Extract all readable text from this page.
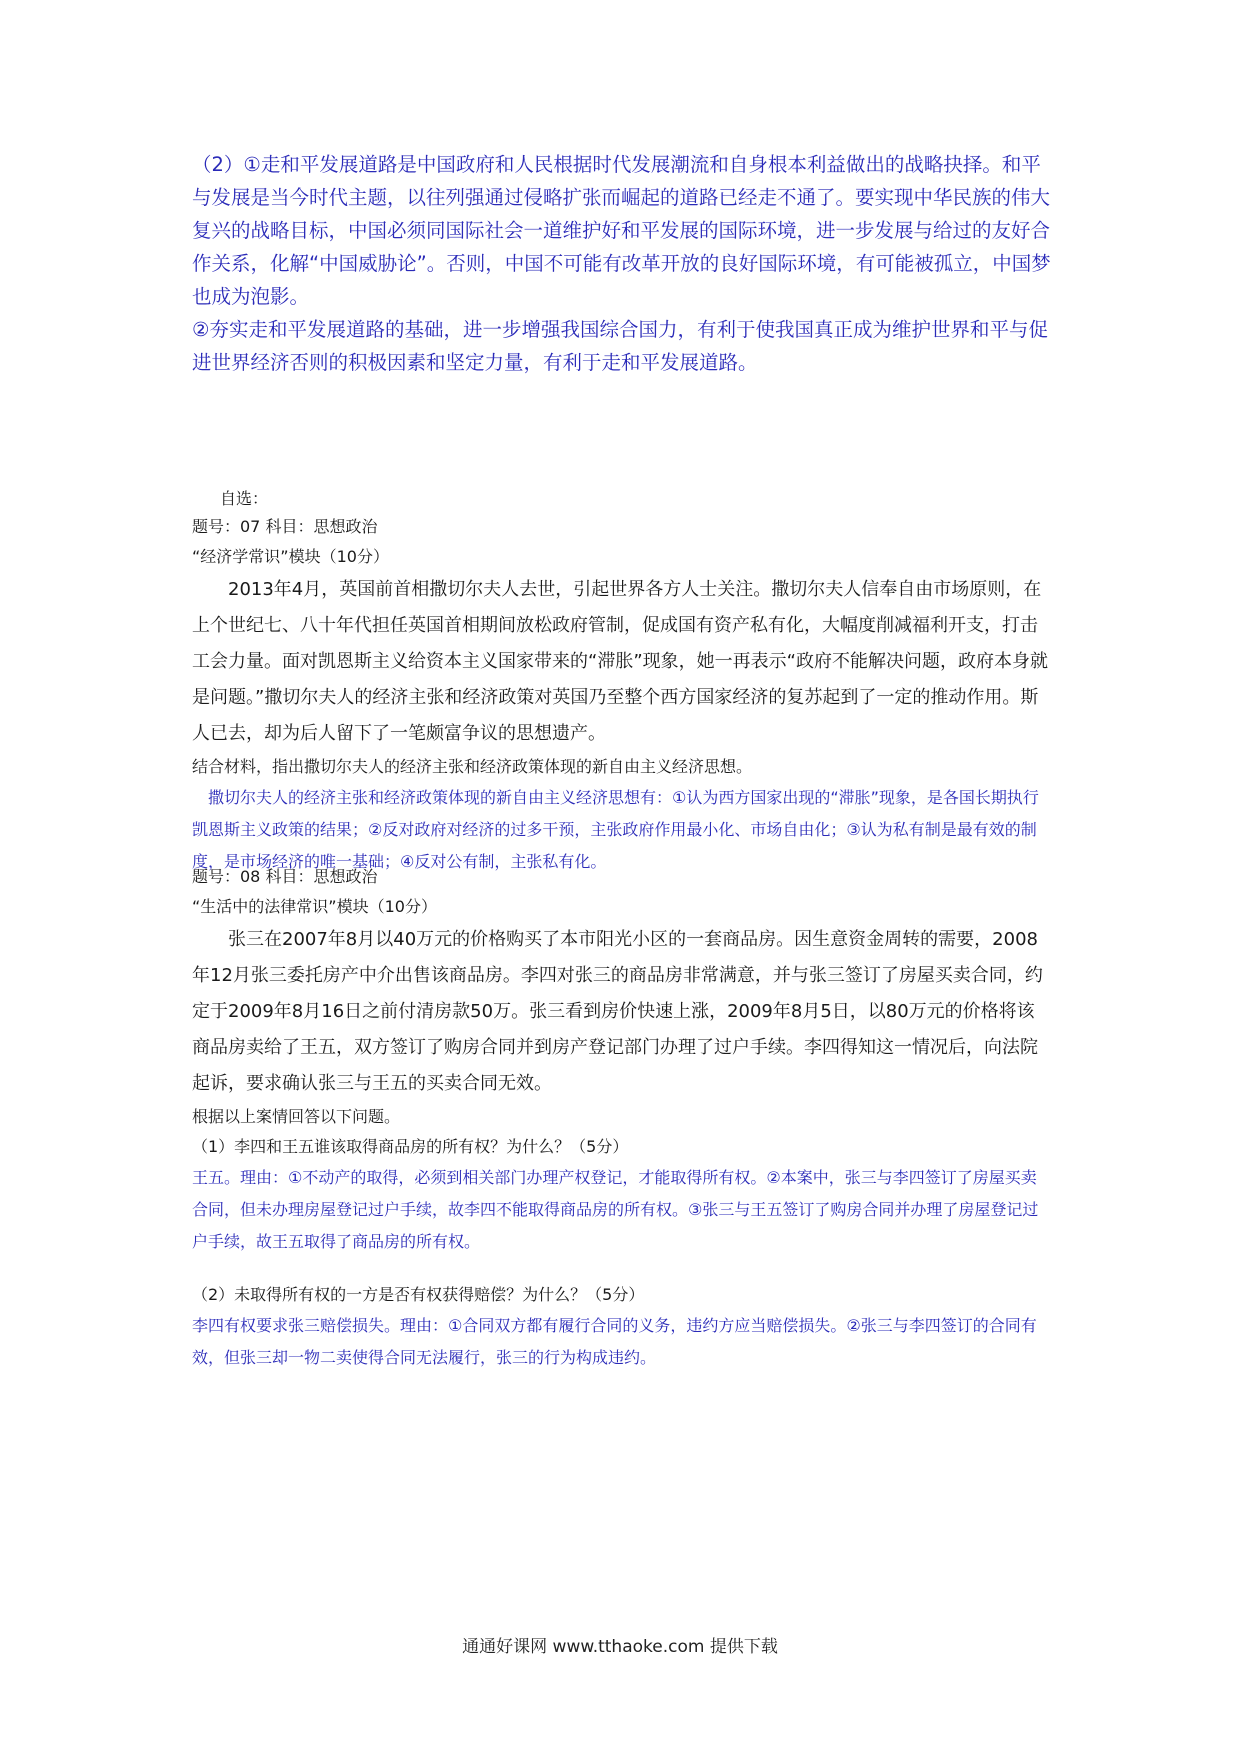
（2）①走和平发展道路是中国政府和人民根据时代发展潮流和自身根本利益做出的战略抉择。和平与发展是当今时代主题，以往列强通过侵略扩张而崛起的道路已经走不通了。要实现中华民族的伟大复兴的战略目标，中国必须同国际社会一道维护好和平发展的国际环境，进一步发展与给过的友好合作关系，化解“中国威胁论”。否则，中国不可能有改革开放的良好国际环境，有可能被孤立，中国梦也成为泡影。

②夯实走和平发展道路的基础，进一步增强我国综合国力，有利于使我国真正成为维护世界和平与促进世界经济否则的积极因素和坚定力量，有利于走和平发展道路。

自选：
题号：07 科目：思想政治
“经济学常识”模块（10分）

2013年4月，英国前首相撒切尔夫人去世，引起世界各方人士关注。撒切尔夫人信奉自由市场原则，在上个世纪七、八十年代担任英国首相期间放松政府管制，促成国有资产私有化，大幅度削减福利开支，打击工会力量。面对凯恩斯主义给资本主义国家带来的“滞胀”现象，她一再表示“政府不能解决问题，政府本身就是问题。”撒切尔夫人的经济主张和经济政策对英国乃至整个西方国家经济的复苏起到了一定的推动作用。斯人已去，却为后人留下了一笔颇富争议的思想遗产。

结合材料，指出撒切尔夫人的经济主张和经济政策体现的新自由主义经济思想。

撒切尔夫人的经济主张和经济政策体现的新自由主义经济思想有：①认为西方国家出现的“滞胀”现象，是各国长期执行凯恩斯主义政策的结果；②反对政府对经济的过多干预，主张政府作用最小化、市场自由化；③认为私有制是最有效的制度，是市场经济的唯一基础；④反对公有制，主张私有化。

题号：08 科目：思想政治
“生活中的法律常识”模块（10分）

张三在2007年8月以40万元的价格购买了本市阳光小区的一套商品房。因生意资金周转的需要，2008年12月张三委托房产中介出售该商品房。李四对张三的商品房非常满意，并与张三签订了房屋买卖合同，约定于2009年8月16日之前付清房款50万。张三看到房价快速上涨，2009年8月5日，以80万元的价格将该商品房卖给了王五，双方签订了购房合同并到房产登记部门办理了过户手续。李四得知这一情况后，向法院起诉，要求确认张三与王五的买卖合同无效。

根据以上案情回答以下问题。

（1）李四和王五谁该取得商品房的所有权？为什么？（5分）

王五。理由：①不动产的取得，必须到相关部门办理产权登记，才能取得所有权。②本案中，张三与李四签订了房屋买卖合同，但未办理房屋登记过户手续，故李四不能取得商品房的所有权。③张三与王五签订了购房合同并办理了房屋登记过户手续，故王五取得了商品房的所有权。

（2）未取得所有权的一方是否有权获得赔偿？为什么？（5分）

李四有权要求张三赔偿损失。理由：①合同双方都有履行合同的义务，违约方应当赔偿损失。②张三与李四签订的合同有效，但张三却一物二卖使得合同无法履行，张三的行为构成违约。

通通好课网 www.tthaoke.com 提供下载
